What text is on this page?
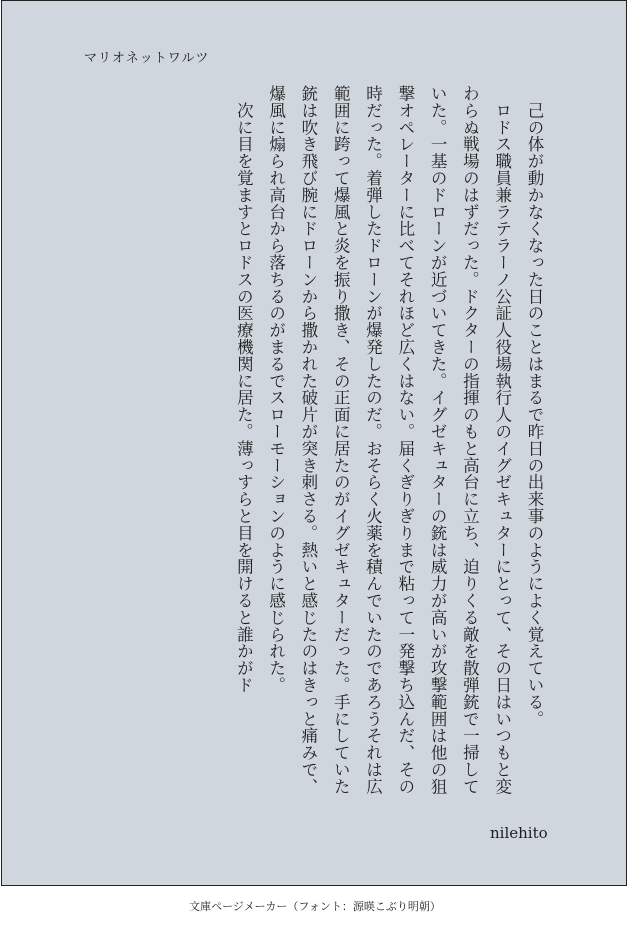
マリオネットワルツ

　己の体が動かなくなった日のことはまるで昨日の出来事のようによく覚えている。

　ロドス職員兼ラテラーノ公証人役場執行人のイグゼキュターにとって、その日はいつもと変わらぬ戦場のはずだった。ドクターの指揮のもと高台に立ち、迫りくる敵を散弾銃で一掃していた。一基のドローンが近づいてきた。イグゼキュターの銃は威力が高いが攻撃範囲は他の狙撃オペレーターに比べてそれほど広くはない。届くぎりぎりまで粘って一発撃ち込んだ、その時だった。着弾したドローンが爆発したのだ。おそらく火薬を積んでいたのであろうそれは広範囲に跨って爆風と炎を振り撒き、その正面に居たのがイグゼキュターだった。手にしていた銃は吹き飛び腕にドローンから撒かれた破片が突き刺さる。熱いと感じたのはきっと痛みで、爆風に煽られ高台から落ちるのがまるでスローモーションのように感じられた。

　次に目を覚ますとロドスの医療機関に居た。薄っすらと目を開けると誰かがド

nilehito
文庫ページメーカー（フォント：源暎こぶり明朝）
